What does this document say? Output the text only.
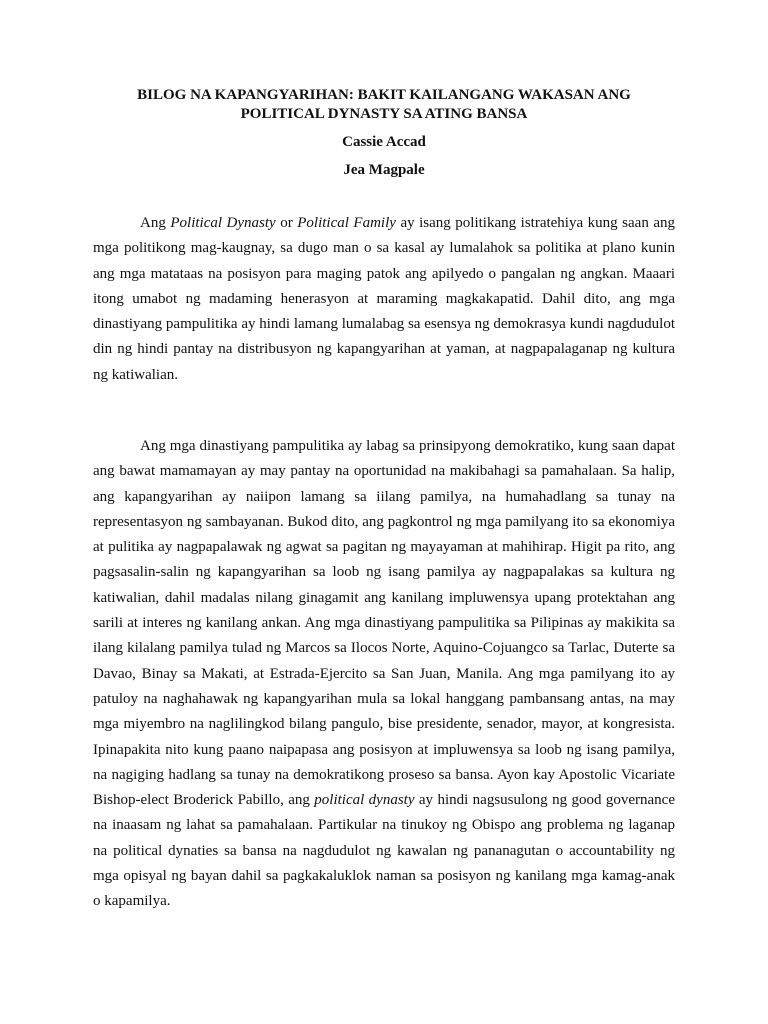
BILOG NA KAPANGYARIHAN: BAKIT KAILANGANG WAKASAN ANG
POLITICAL DYNASTY SA ATING BANSA
Cassie Accad
Jea Magpale

Ang Political Dynasty or Political Family ay isang politikang istratehiya kung saan ang mga politikong mag-kaugnay, sa dugo man o sa kasal ay lumalahok sa politika at plano kunin ang mga matataas na posisyon para maging patok ang apilyedo o pangalan ng angkan. Maaari itong umabot ng madaming henerasyon at maraming magkakapatid. Dahil dito, ang mga dinastiyang pampulitika ay hindi lamang lumalabag sa esensya ng demokrasya kundi nagdudulot din ng hindi pantay na distribusyon ng kapangyarihan at yaman, at nagpapalaganap ng kultura ng katiwalian.

Ang mga dinastiyang pampulitika ay labag sa prinsipyong demokratiko, kung saan dapat ang bawat mamamayan ay may pantay na oportunidad na makibahagi sa pamahalaan. Sa halip, ang kapangyarihan ay naiipon lamang sa iilang pamilya, na humahadlang sa tunay na representasyon ng sambayanan. Bukod dito, ang pagkontrol ng mga pamilyang ito sa ekonomiya at pulitika ay nagpapalawak ng agwat sa pagitan ng mayayaman at mahihirap. Higit pa rito, ang pagsasalin-salin ng kapangyarihan sa loob ng isang pamilya ay nagpapalakas sa kultura ng katiwalian, dahil madalas nilang ginagamit ang kanilang impluwensya upang protektahan ang sarili at interes ng kanilang ankan. Ang mga dinastiyang pampulitika sa Pilipinas ay makikita sa ilang kilalang pamilya tulad ng Marcos sa Ilocos Norte, Aquino-Cojuangco sa Tarlac, Duterte sa Davao, Binay sa Makati, at Estrada-Ejercito sa San Juan, Manila. Ang mga pamilyang ito ay patuloy na naghahawak ng kapangyarihan mula sa lokal hanggang pambansang antas, na may mga miyembro na naglilingkod bilang pangulo, bise presidente, senador, mayor, at kongresista. Ipinapakita nito kung paano naipapasa ang posisyon at impluwensya sa loob ng isang pamilya, na nagiging hadlang sa tunay na demokratikong proseso sa bansa. Ayon kay Apostolic Vicariate Bishop-elect Broderick Pabillo, ang political dynasty ay hindi nagsusulong ng good governance na inaasam ng lahat sa pamahalaan. Partikular na tinukoy ng Obispo ang problema ng laganap na political dynaties sa bansa na nagdudulot ng kawalan ng pananagutan o accountability ng mga opisyal ng bayan dahil sa pagkakaluklok naman sa posisyon ng kanilang mga kamag-anak o kapamilya.
